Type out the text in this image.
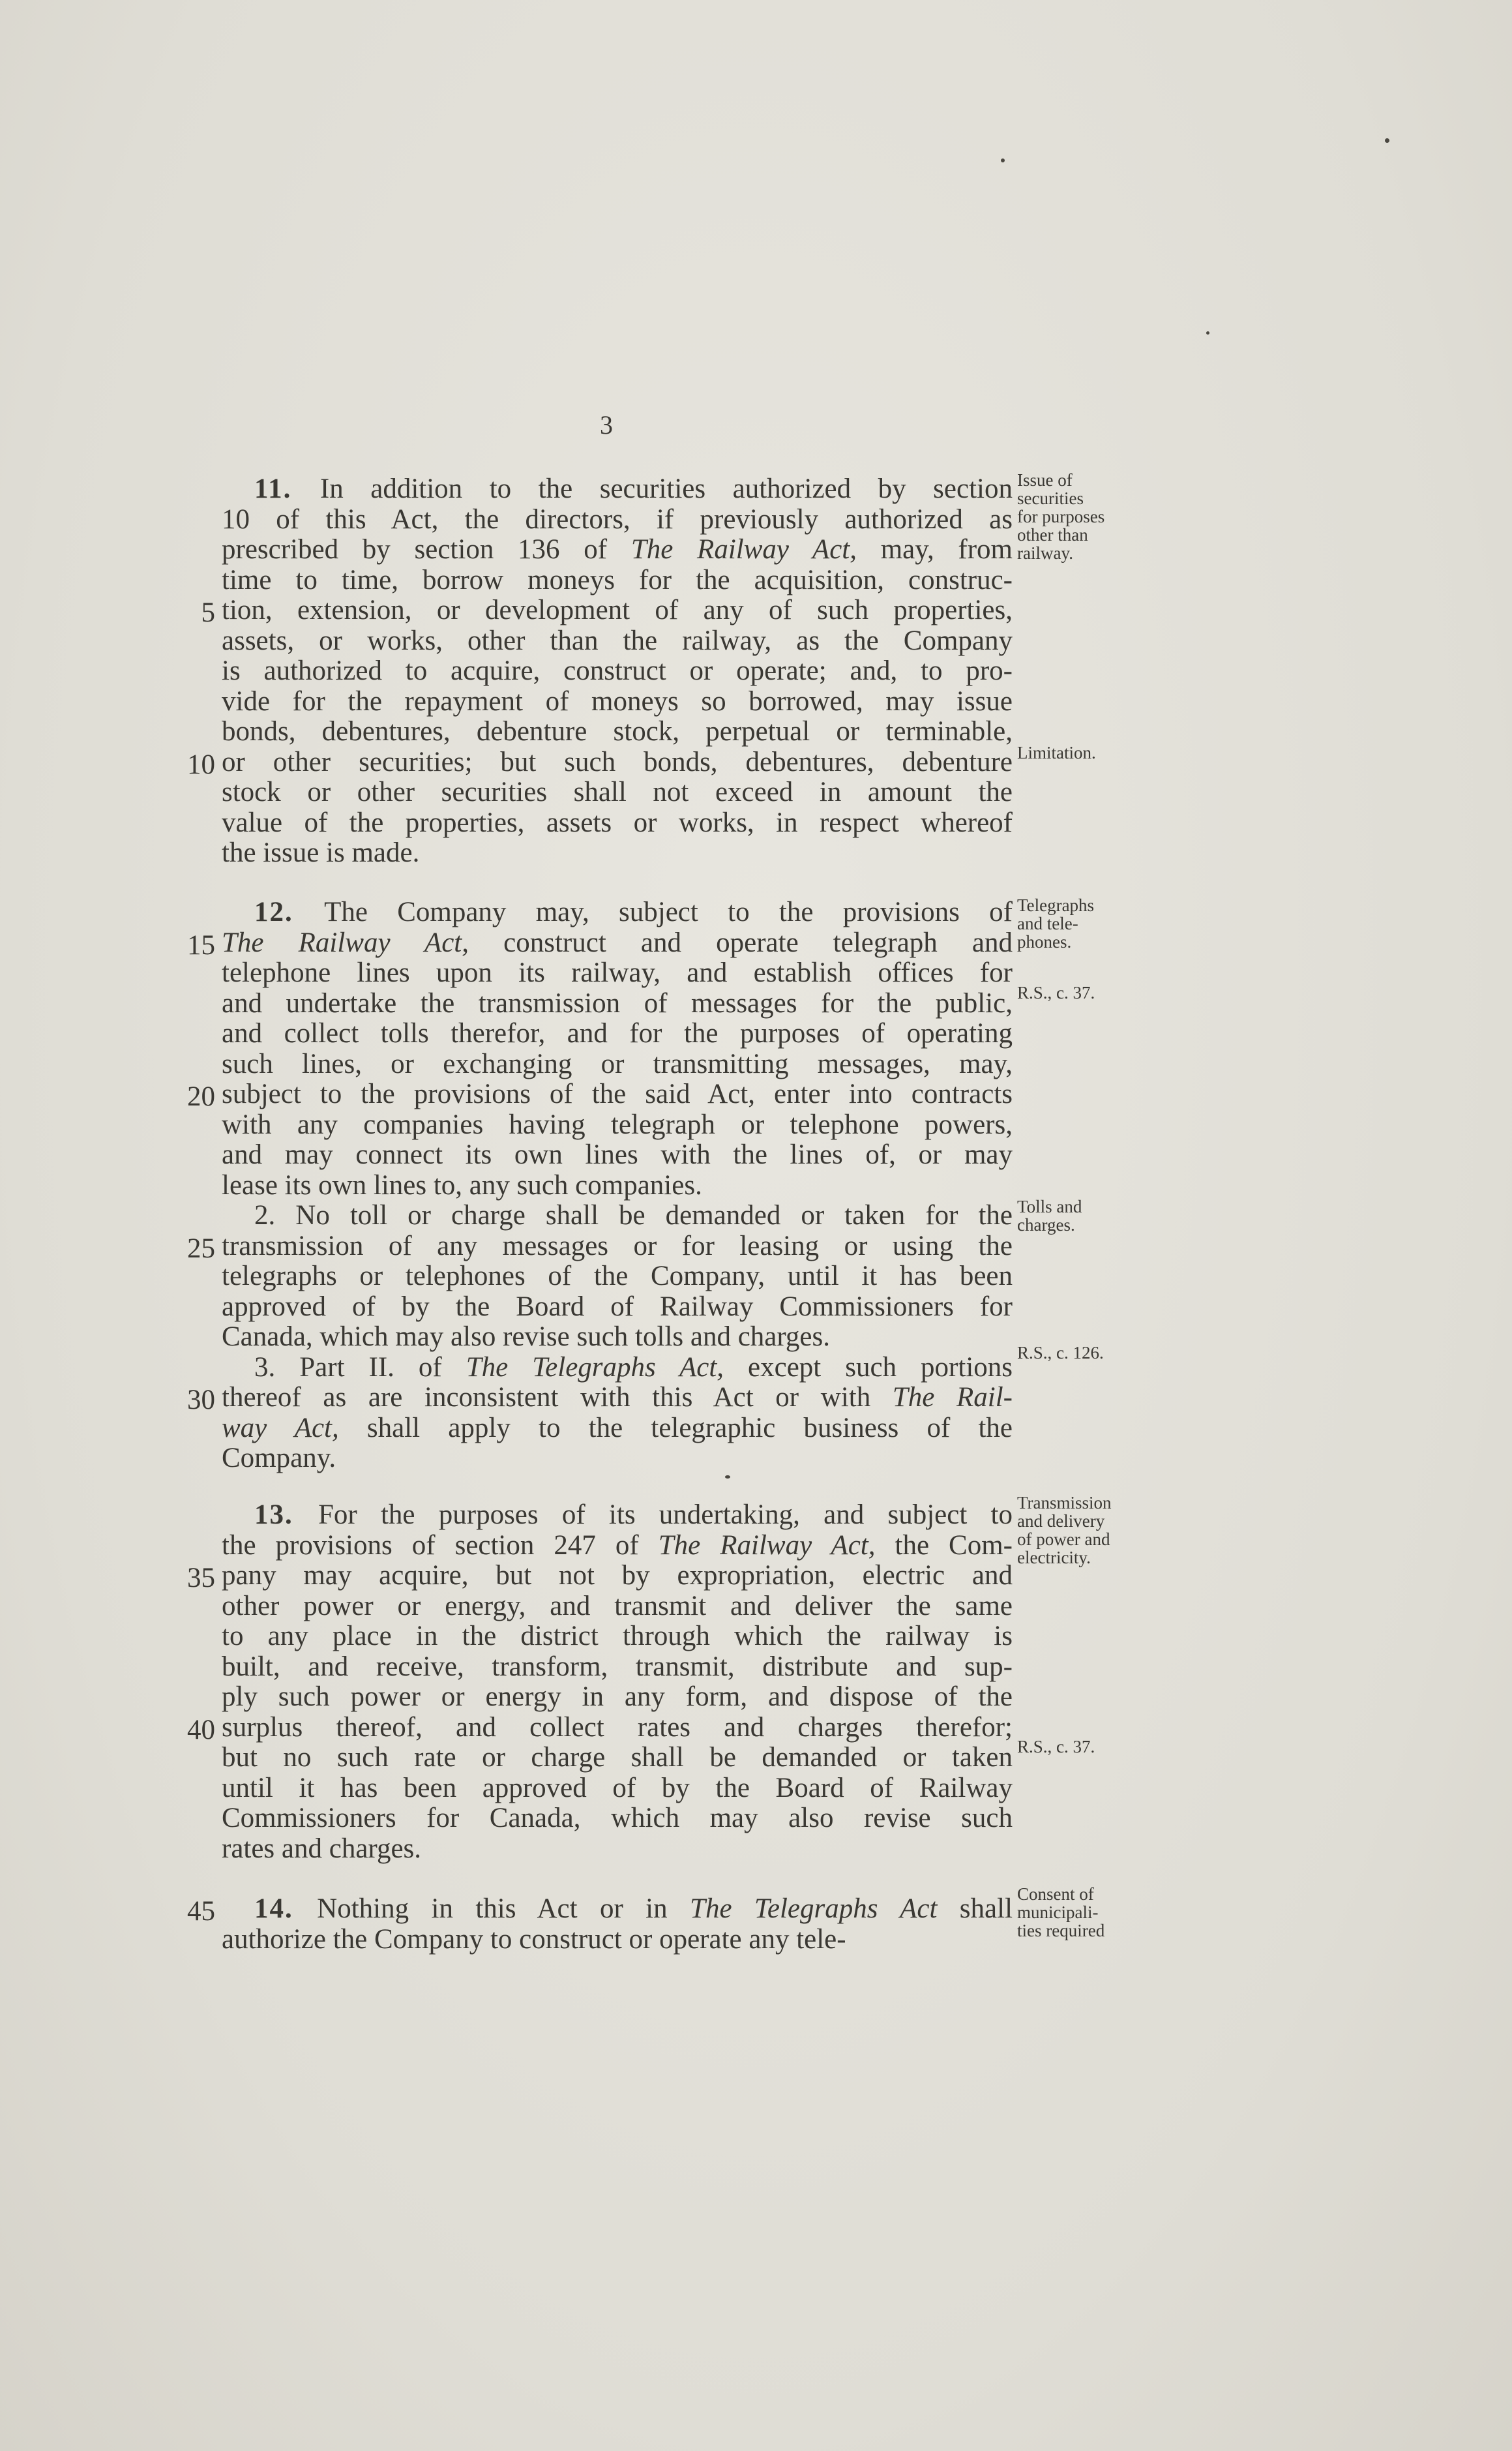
3
11. In addition to the securities authorized by section
10 of this Act, the directors, if previously authorized as
prescribed by section 136 of The Railway Act, may, from
time to time, borrow moneys for the acquisition, construc-
tion, extension, or development of any of such properties,
5
assets, or works, other than the railway, as the Company
is authorized to acquire, construct or operate; and, to pro-
vide for the repayment of moneys so borrowed, may issue
bonds, debentures, debenture stock, perpetual or terminable,
or other securities; but such bonds, debentures, debenture
10
stock or other securities shall not exceed in amount the
value of the properties, assets or works, in respect whereof
the issue is made.
12. The Company may, subject to the provisions of
The Railway Act, construct and operate telegraph and
15
telephone lines upon its railway, and establish offices for
and undertake the transmission of messages for the public,
and collect tolls therefor, and for the purposes of operating
such lines, or exchanging or transmitting messages, may,
subject to the provisions of the said Act, enter into contracts
20
with any companies having telegraph or telephone powers,
and may connect its own lines with the lines of, or may
lease its own lines to, any such companies.
2. No toll or charge shall be demanded or taken for the
transmission of any messages or for leasing or using the
25
telegraphs or telephones of the Company, until it has been
approved of by the Board of Railway Commissioners for
Canada, which may also revise such tolls and charges.
3. Part II. of The Telegraphs Act, except such portions
thereof as are inconsistent with this Act or with The Rail-
30
way Act, shall apply to the telegraphic business of the
Company.
13. For the purposes of its undertaking, and subject to
the provisions of section 247 of The Railway Act, the Com-
pany may acquire, but not by expropriation, electric and
35
other power or energy, and transmit and deliver the same
to any place in the district through which the railway is
built, and receive, transform, transmit, distribute and sup-
ply such power or energy in any form, and dispose of the
surplus thereof, and collect rates and charges therefor;
40
but no such rate or charge shall be demanded or taken
until it has been approved of by the Board of Railway
Commissioners for Canada, which may also revise such
rates and charges.
14. Nothing in this Act or in The Telegraphs Act shall
45
authorize the Company to construct or operate any tele-
Issue of
securities
for purposes
other than
railway.
Limitation.
Telegraphs
and tele-
phones.
R.S., c. 37.
Tolls and
charges.
R.S., c. 126.
Transmission
and delivery
of power and
electricity.
R.S., c. 37.
Consent of
municipali-
ties required
